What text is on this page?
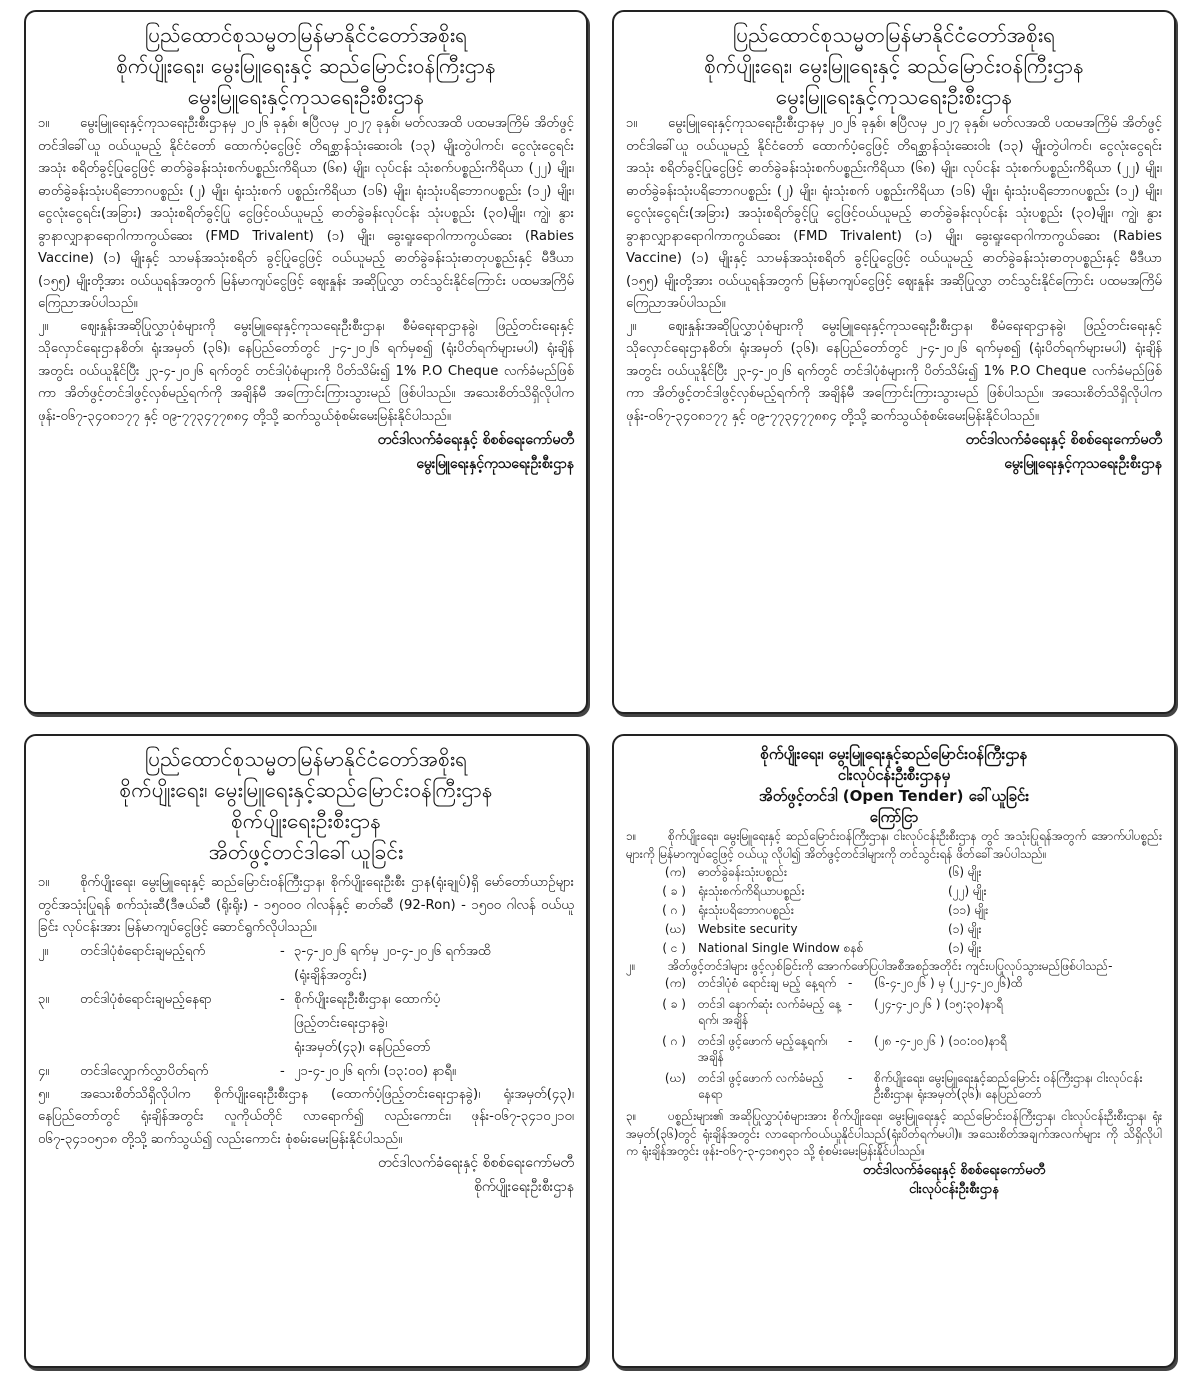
ပြည်ထောင်စုသမ္မတမြန်မာနိုင်ငံတော်အစိုးရ

စိုက်ပျိုးရေး၊ မွေးမြူရေးနှင့် ဆည်မြောင်းဝန်ကြီးဌာန

မွေးမြူရေးနှင့်ကုသရေးဦးစီးဌာန

၁။ မွေးမြူရေးနှင့်ကုသရေးဦးစီးဌာနမှ ၂၀၂၆ ခုနှစ်၊ ဧပြီလမှ ၂၀၂၇ ခုနှစ်၊ မတ်လအထိ ပထမအကြိမ် အိတ်ဖွင့်တင်ဒါခေါ်ယူ ဝယ်ယူမည့် နိုင်ငံတော် ထောက်ပံ့ငွေဖြင့် တိရစ္ဆာန်သုံးဆေးဝါး (၁၃) မျိုးတွဲပါကင်၊ ငွေလုံးငွေရင်းအသုံး စရိတ်ခွင့်ပြုငွေဖြင့် ဓာတ်ခွဲခန်းသုံးစက်ပစ္စည်းကိရိယာ (၆၈) မျိုး၊ လုပ်ငန်း သုံးစက်ပစ္စည်းကိရိယာ (၂၂) မျိုး၊ ဓာတ်ခွဲခန်းသုံးပရိဘောဂပစ္စည်း (၂) မျိုး၊ ရုံးသုံးစက် ပစ္စည်းကိရိယာ (၁၆) မျိုး၊ ရုံးသုံးပရိဘောဂပစ္စည်း (၁၂) မျိုး၊ ငွေလုံးငွေရင်း(အခြား) အသုံးစရိတ်ခွင့်ပြု ငွေဖြင့်ဝယ်ယူမည့် ဓာတ်ခွဲခန်းလုပ်ငန်း သုံးပစ္စည်း (၃၀)မျိုး၊ ကျွဲ၊ နွားခွာနာလျှာနာရောဂါကာကွယ်ဆေး (FMD Trivalent) (၁) မျိုး၊ ခွေးရူးရောဂါကာကွယ်ဆေး (Rabies Vaccine) (၁) မျိုးနှင့် သာမန်အသုံးစရိတ် ခွင့်ပြုငွေဖြင့် ဝယ်ယူမည့် ဓာတ်ခွဲခန်းသုံးဓာတုပစ္စည်းနှင့် မီဒီယာ (၁၅၅) မျိုးတို့အား ဝယ်ယူရန်အတွက် မြန်မာကျပ်ငွေဖြင့် ဈေးနှုန်း အဆိုပြုလွှာ တင်သွင်းနိုင်ကြောင်း ပထမအကြိမ် ကြေညာအပ်ပါသည်။

၂။ ဈေးနှုန်းအဆိုပြုလွှာပုံစံများကို မွေးမြူရေးနှင့်ကုသရေးဦးစီးဌာန၊ စီမံရေးရာဌာနခွဲ၊ ဖြည့်တင်းရေးနှင့်သိုလှောင်ရေးဌာနစိတ်၊ ရုံးအမှတ် (၃၆)၊ နေပြည်တော်တွင် ၂-၄-၂၀၂၆ ရက်မှစ၍ (ရုံးပိတ်ရက်များမပါ) ရုံးချိန်အတွင်း ဝယ်ယူနိုင်ပြီး ၂၃-၄-၂၀၂၆ ရက်တွင် တင်ဒါပုံစံများကို ပိတ်သိမ်း၍ 1% P.O Cheque လက်ခံမည်ဖြစ်ကာ အိတ်ဖွင့်တင်ဒါဖွင့်လှစ်မည့်ရက်ကို အချိန်မီ အကြောင်းကြားသွားမည် ဖြစ်ပါသည်။ အသေးစိတ်သိရှိလိုပါက ဖုန်း-၀၆၇-၃၄၀၈၁၇၇ နှင့် ၀၉-၇၇၃၄၇၇၈၈၄ တို့သို့ ဆက်သွယ်စုံစမ်းမေးမြန်းနိုင်ပါသည်။

တင်ဒါလက်ခံရေးနှင့် စိစစ်ရေးကော်မတီ

မွေးမြူရေးနှင့်ကုသရေးဦးစီးဌာန

ပြည်ထောင်စုသမ္မတမြန်မာနိုင်ငံတော်အစိုးရ

စိုက်ပျိုးရေး၊ မွေးမြူရေးနှင့် ဆည်မြောင်းဝန်ကြီးဌာန

မွေးမြူရေးနှင့်ကုသရေးဦးစီးဌာန

၁။ မွေးမြူရေးနှင့်ကုသရေးဦးစီးဌာနမှ ၂၀၂၆ ခုနှစ်၊ ဧပြီလမှ ၂၀၂၇ ခုနှစ်၊ မတ်လအထိ ပထမအကြိမ် အိတ်ဖွင့်တင်ဒါခေါ်ယူ ဝယ်ယူမည့် နိုင်ငံတော် ထောက်ပံ့ငွေဖြင့် တိရစ္ဆာန်သုံးဆေးဝါး (၁၃) မျိုးတွဲပါကင်၊ ငွေလုံးငွေရင်းအသုံး စရိတ်ခွင့်ပြုငွေဖြင့် ဓာတ်ခွဲခန်းသုံးစက်ပစ္စည်းကိရိယာ (၆၈) မျိုး၊ လုပ်ငန်း သုံးစက်ပစ္စည်းကိရိယာ (၂၂) မျိုး၊ ဓာတ်ခွဲခန်းသုံးပရိဘောဂပစ္စည်း (၂) မျိုး၊ ရုံးသုံးစက် ပစ္စည်းကိရိယာ (၁၆) မျိုး၊ ရုံးသုံးပရိဘောဂပစ္စည်း (၁၂) မျိုး၊ ငွေလုံးငွေရင်း(အခြား) အသုံးစရိတ်ခွင့်ပြု ငွေဖြင့်ဝယ်ယူမည့် ဓာတ်ခွဲခန်းလုပ်ငန်း သုံးပစ္စည်း (၃၀)မျိုး၊ ကျွဲ၊ နွားခွာနာလျှာနာရောဂါကာကွယ်ဆေး (FMD Trivalent) (၁) မျိုး၊ ခွေးရူးရောဂါကာကွယ်ဆေး (Rabies Vaccine) (၁) မျိုးနှင့် သာမန်အသုံးစရိတ် ခွင့်ပြုငွေဖြင့် ဝယ်ယူမည့် ဓာတ်ခွဲခန်းသုံးဓာတုပစ္စည်းနှင့် မီဒီယာ (၁၅၅) မျိုးတို့အား ဝယ်ယူရန်အတွက် မြန်မာကျပ်ငွေဖြင့် ဈေးနှုန်း အဆိုပြုလွှာ တင်သွင်းနိုင်ကြောင်း ပထမအကြိမ် ကြေညာအပ်ပါသည်။

၂။ ဈေးနှုန်းအဆိုပြုလွှာပုံစံများကို မွေးမြူရေးနှင့်ကုသရေးဦးစီးဌာန၊ စီမံရေးရာဌာနခွဲ၊ ဖြည့်တင်းရေးနှင့်သိုလှောင်ရေးဌာနစိတ်၊ ရုံးအမှတ် (၃၆)၊ နေပြည်တော်တွင် ၂-၄-၂၀၂၆ ရက်မှစ၍ (ရုံးပိတ်ရက်များမပါ) ရုံးချိန်အတွင်း ဝယ်ယူနိုင်ပြီး ၂၃-၄-၂၀၂၆ ရက်တွင် တင်ဒါပုံစံများကို ပိတ်သိမ်း၍ 1% P.O Cheque လက်ခံမည်ဖြစ်ကာ အိတ်ဖွင့်တင်ဒါဖွင့်လှစ်မည့်ရက်ကို အချိန်မီ အကြောင်းကြားသွားမည် ဖြစ်ပါသည်။ အသေးစိတ်သိရှိလိုပါက ဖုန်း-၀၆၇-၃၄၀၈၁၇၇ နှင့် ၀၉-၇၇၃၄၇၇၈၈၄ တို့သို့ ဆက်သွယ်စုံစမ်းမေးမြန်းနိုင်ပါသည်။

တင်ဒါလက်ခံရေးနှင့် စိစစ်ရေးကော်မတီ

မွေးမြူရေးနှင့်ကုသရေးဦးစီးဌာန

ပြည်ထောင်စုသမ္မတမြန်မာနိုင်ငံတော်အစိုးရ

စိုက်ပျိုးရေး၊ မွေးမြူရေးနှင့်ဆည်မြောင်းဝန်ကြီးဌာန

စိုက်ပျိုးရေးဦးစီးဌာန

အိတ်ဖွင့်တင်ဒါခေါ်ယူခြင်း

၁။ စိုက်ပျိုးရေး၊ မွေးမြူရေးနှင့် ဆည်မြောင်းဝန်ကြီးဌာန၊ စိုက်ပျိုးရေးဦးစီး ဌာန(ရုံးချုပ်)ရှိ မော်တော်ယာဉ်များတွင်အသုံးပြုရန် စက်သုံးဆီ(ဒီဇယ်ဆီ (ရိုးရိုး) - ၁၅၀၀၀ ဂါလန်နှင့် ဓာတ်ဆီ (92-Ron) - ၁၅၀၀ ဂါလန် ဝယ်ယူခြင်း လုပ်ငန်းအား မြန်မာကျပ်ငွေဖြင့် ဆောင်ရွက်လိုပါသည်။

၂။	တင်ဒါပုံစံရောင်းချမည့်ရက်	- ၃-၄-၂၀၂၆ ရက်မှ ၂၀-၄-၂၀၂၆ ရက်အထိ
(ရုံးချိန်အတွင်း)
၃။	တင်ဒါပုံစံရောင်းချမည့်နေရာ	- စိုက်ပျိုးရေးဦးစီးဌာန၊ ထောက်ပံ့
ဖြည့်တင်းရေးဌာနခွဲ၊
ရုံးအမှတ်(၄၃)၊ နေပြည်တော်
၄။	တင်ဒါလျှောက်လွှာပိတ်ရက်	- ၂၁-၄-၂၀၂၆ ရက်၊ (၁၃:၀၀) နာရီ။

၅။ အသေးစိတ်သိရှိလိုပါက စိုက်ပျိုးရေးဦးစီးဌာန (ထောက်ပံ့ဖြည့်တင်းရေးဌာနခွဲ)၊ ရုံးအမှတ်(၄၃)၊ နေပြည်တော်တွင် ရုံးချိန်အတွင်း လူကိုယ်တိုင် လာရောက်၍ လည်းကောင်း၊ ဖုန်း-၀၆၇-၃၄၁၀၂၁၀၊ ၀၆၇-၃၄၁၀၅၁၈ တို့သို့ ဆက်သွယ်၍ လည်းကောင်း စုံစမ်းမေးမြန်းနိုင်ပါသည်။

တင်ဒါလက်ခံရေးနှင့် စိစစ်ရေးကော်မတီ

စိုက်ပျိုးရေးဦးစီးဌာန

စိုက်ပျိုးရေး၊ မွေးမြူရေးနှင့်ဆည်မြောင်းဝန်ကြီးဌာန

ငါးလုပ်ငန်းဦးစီးဌာနမှ

အိတ်ဖွင့်တင်ဒါ (Open Tender) ခေါ်ယူခြင်း

ကြော်ငြာ

၁။	စိုက်ပျိုးရေး၊ မွေးမြူရေးနှင့် ဆည်မြောင်းဝန်ကြီးဌာန၊ ငါးလုပ်ငန်းဦးစီးဌာန တွင် အသုံးပြုရန်အတွက် အောက်ပါပစ္စည်းများကို မြန်မာကျပ်ငွေဖြင့် ဝယ်ယူ လိုပါ၍ အိတ်ဖွင့်တင်ဒါများကို တင်သွင်းရန် ဖိတ်ခေါ်အပ်ပါသည်။

(က)	ဓာတ်ခွဲခန်းသုံးပစ္စည်း	(၆) မျိုး
( ခ )	ရုံးသုံးစက်ကိရိယာပစ္စည်း	(၂၂) မျိုး
( ဂ )	ရုံးသုံးပရိဘောဂပစ္စည်း	(၁၁) မျိုး
(ဃ)	Website security	(၁) မျိုး
( င )	National Single Window စနစ်	(၁) မျိုး

၂။	အိတ်ဖွင့်တင်ဒါများ ဖွင့်လှစ်ခြင်းကို အောက်ဖော်ပြပါအစီအစဉ်အတိုင်း ကျင်းပပြုလုပ်သွားမည်ဖြစ်ပါသည်-

(က)	တင်ဒါပုံစံ ရောင်းချ မည့် နေ့ရက် -	(၆-၄-၂၀၂၆ ) မှ (၂၂-၄-၂၀၂၆)ထိ
( ခ )	တင်ဒါ နောက်ဆုံး လက်ခံမည့် နေ့ရက်၊ အချိန်
-	(၂၄-၄-၂၀၂၆ ) (၁၅:၃၀)နာရီ
( ဂ )	တင်ဒါ ဖွင့်ဖောက် မည့်နေ့ရက်၊ အချိန်
-	(၂၈ -၄-၂၀၂၆ ) (၁၀:၀၀)နာရီ
(ဃ)	တင်ဒါ ဖွင့်ဖောက် လက်ခံမည့် နေရာ
-	စိုက်ပျိုးရေး၊ မွေးမြူရေးနှင့်ဆည်မြောင်း ဝန်ကြီးဌာန၊ ငါးလုပ်ငန်းဦးစီးဌာန၊ ရုံးအမှတ်(၃၆)၊ နေပြည်တော်

၃။	ပစ္စည်းများ၏ အဆိုပြုလွှာပုံစံများအား စိုက်ပျိုးရေး၊ မွေးမြူရေးနှင့် ဆည်မြောင်းဝန်ကြီးဌာန၊ ငါးလုပ်ငန်းဦးစီးဌာန၊ ရုံးအမှတ်(၃၆)တွင် ရုံးချိန်အတွင်း လာရောက်ဝယ်ယူနိုင်ပါသည်(ရုံးပိတ်ရက်မပါ)။ အသေးစိတ်အချက်အလက်များ ကို သိရှိလိုပါက ရုံးချိန်အတွင်း ဖုန်း-၀၆၇-၃-၄၁၈၅၃၁ သို့ စုံစမ်းမေးမြန်းနိုင်ပါသည်။

တင်ဒါလက်ခံရေးနှင့် စိစစ်ရေးကော်မတီ

ငါးလုပ်ငန်းဦးစီးဌာန
